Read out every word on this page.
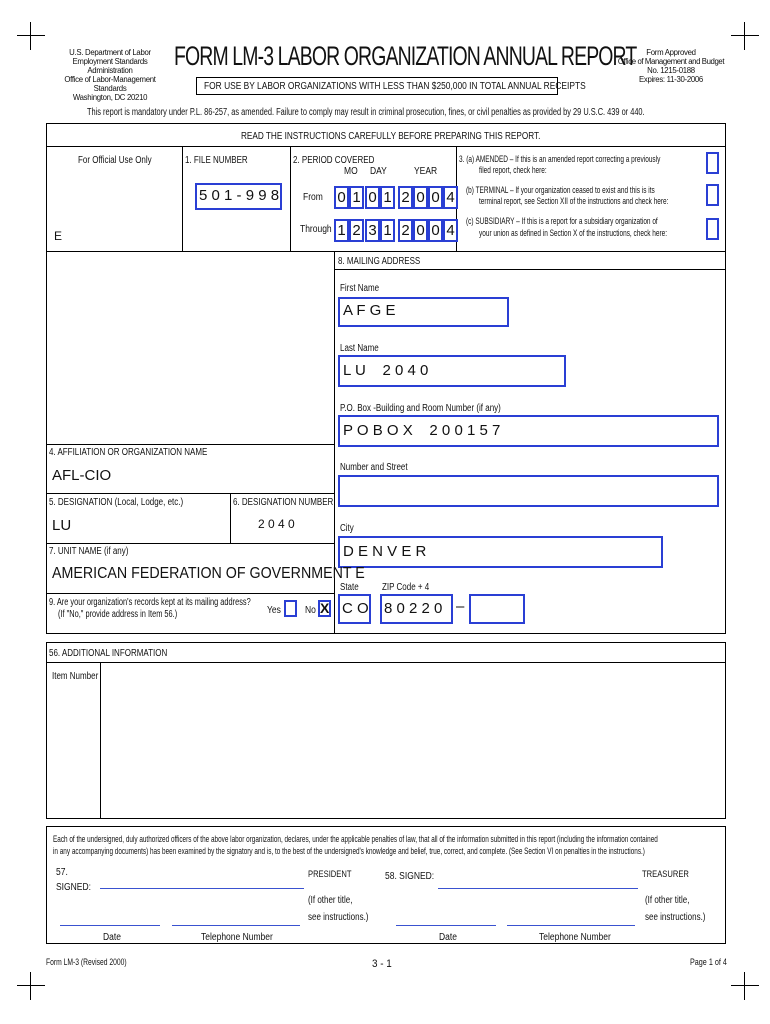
U.S. Department of Labor
Employment Standards Administration
Office of Labor-Management Standards
Washington, DC 20210
FORM LM-3 LABOR ORGANIZATION ANNUAL REPORT
FOR USE BY LABOR ORGANIZATIONS WITH LESS THAN $250,000 IN TOTAL ANNUAL RECEIPTS
Form Approved
Office of Management and Budget
No. 1215-0188
Expires: 11-30-2006
This report is mandatory under P.L. 86-257, as amended. Failure to comply may result in criminal prosecution, fines, or civil penalties as provided by 29 U.S.C. 439 or 440.
READ THE INSTRUCTIONS CAREFULLY BEFORE PREPARING THIS REPORT.
For Official Use Only
E
1. FILE NUMBER
5 0 1 - 9 9 8
2. PERIOD COVERED
MO DAY	YEAR
From
Through
0 1 0 1 2 0 0 4
1 2 3 1 2 0 0 4
3. (a) AMENDED – If this is an amended report correcting a previously
filed report, check here:
(b) TERMINAL – If your organization ceased to exist and this is its
terminal report, see Section XII of the instructions and check here:
(c) SUBSIDIARY – If this is a report for a subsidiary organization of
your union as defined in Section X of the instructions, check here:
8. MAILING ADDRESS
First Name
A F G E
Last Name
L U    2 0 4 0
P.O. Box -Building and Room Number (if any)
P O B O X    2 0 0 1 5 7
Number and Street
City
D E N V E R
State ZIP Code + 4
C O 8 0 2 2 0 –
4. AFFILIATION OR ORGANIZATION NAME
AFL-CIO
5. DESIGNATION (Local, Lodge, etc.)
LU
6. DESIGNATION NUMBER
2 0 4 0
7. UNIT NAME (if any)
AMERICAN FEDERATION OF GOVERNMENT E
9. Are your organization's records kept at its mailing address?
(If "No," provide address in Item 56.)	Yes No X
56. ADDITIONAL INFORMATION
Item Number
Each of the undersigned, duly authorized officers of the above labor organization, declares, under the applicable penalties of law, that all of the information submitted in this report (including the information contained
in any accompanying documents) has been examined by the signatory and is, to the best of the undersigned's knowledge and belief, true, correct, and complete. (See Section VI on penalties in the instructions.)
57.
SIGNED:
PRESIDENT
(If other title,
see instructions.)
Date	Telephone Number
58. SIGNED:	TREASURER
(If other title,
see instructions.)
Date	Telephone Number
Form LM-3 (Revised 2000)	3 - 1	Page 1 of 4
